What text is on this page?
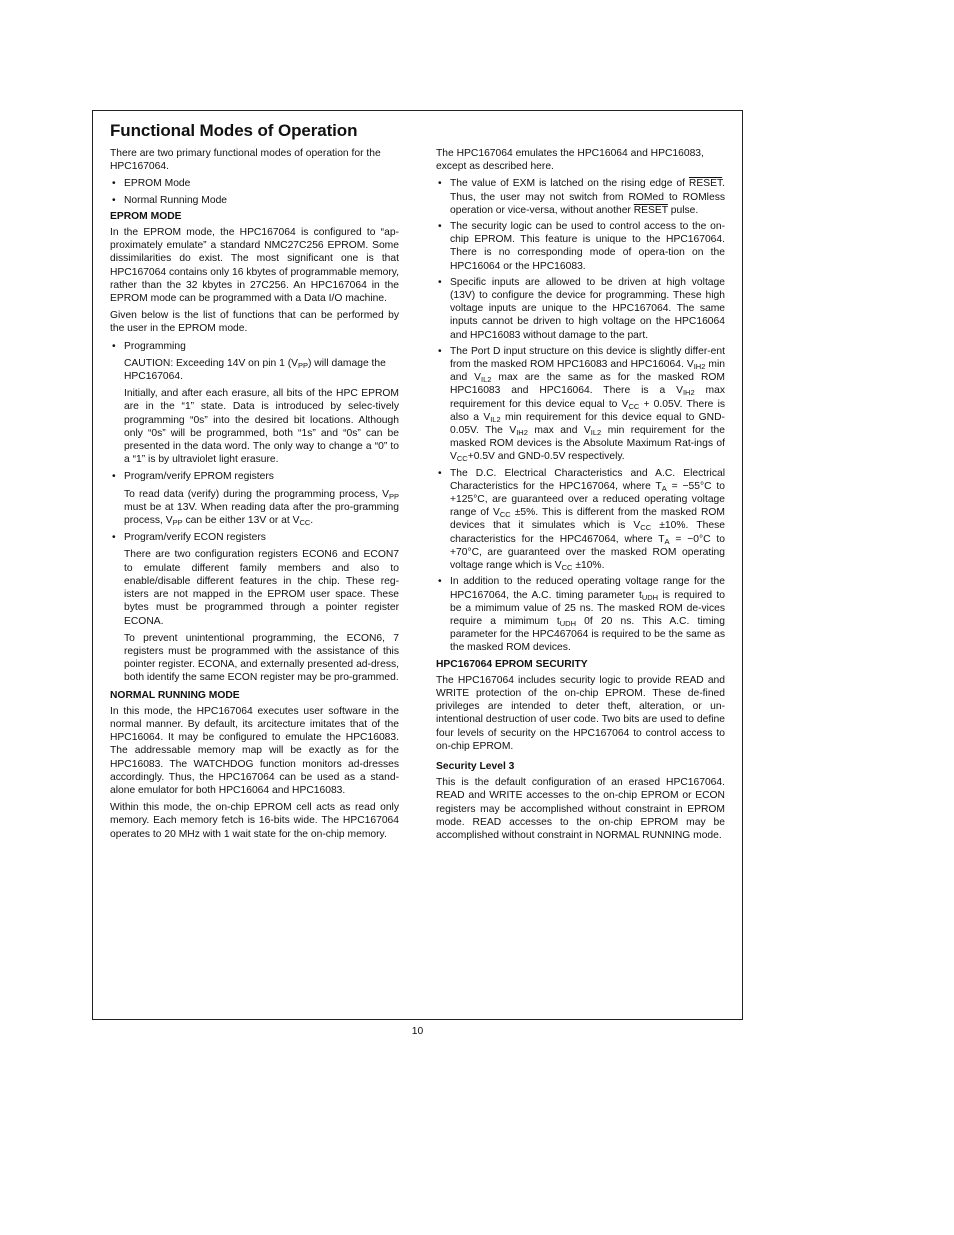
Functional Modes of Operation

There are two primary functional modes of operation for the HPC167064.

• EPROM Mode
• Normal Running Mode
EPROM MODE

In the EPROM mode, the HPC167064 is configured to “ap-proximately emulate” a standard NMC27C256 EPROM. Some dissimilarities do exist. The most significant one is that HPC167064 contains only 16 kbytes of programmable memory, rather than the 32 kbytes in 27C256. An HPC167064 in the EPROM mode can be programmed with a Data I/O machine.

Given below is the list of functions that can be performed by the user in the EPROM mode.

• Programming

CAUTION: Exceeding 14V on pin 1 $(V_{PP})$ will damage the HPC167064.

Initially, and after each erasure, all bits of the HPC EPROM are in the “1” state. Data is introduced by selec-tively programming “0s” into the desired bit locations. Although only “0s” will be programmed, both “1s” and “0s” can be presented in the data word. The only way to change a “0” to a “1” is by ultraviolet light erasure.

• Program/verify EPROM registers

To read data (verify) during the programming process, $V_{PP}$ must be at 13V. When reading data after the pro-gramming process, $V_{PP}$ can be either 13V or at $V_{CC}$.

• Program/verify ECON registers

There are two configuration registers ECON6 and ECON7 to emulate different family members and also to enable/disable different features in the chip. These reg-isters are not mapped in the EPROM user space. These bytes must be programmed through a pointer register ECONA.

To prevent unintentional programming, the ECON6, 7 registers must be programmed with the assistance of this pointer register. ECONA, and externally presented ad-dress, both identify the same ECON register may be pro-grammed.

NORMAL RUNNING MODE

In this mode, the HPC167064 executes user software in the normal manner. By default, its arcitecture imitates that of the HPC16064. It may be configured to emulate the HPC16083. The addressable memory map will be exactly as for the HPC16083. The WATCHDOG function monitors ad-dresses accordingly. Thus, the HPC167064 can be used as a stand-alone emulator for both HPC16064 and HPC16083.

Within this mode, the on-chip EPROM cell acts as read only memory. Each memory fetch is 16-bits wide. The HPC167064 operates to 20 MHz with 1 wait state for the on-chip memory.

The HPC167064 emulates the HPC16064 and HPC16083, except as described here.

• The value of EXM is latched on the rising edge of RESET. Thus, the user may not switch from ROMed to ROMless operation or vice-versa, without another RESET pulse.
• The security logic can be used to control access to the on-chip EPROM. This feature is unique to the HPC167064. There is no corresponding mode of opera-tion on the HPC16064 or the HPC16083.
• Specific inputs are allowed to be driven at high voltage (13V) to configure the device for programming. These high voltage inputs are unique to the HPC167064. The same inputs cannot be driven to high voltage on the HPC16064 and HPC16083 without damage to the part.
• The Port D input structure on this device is slightly differ-ent from the masked ROM HPC16083 and HPC16064. $V_{IH2}$ min and $V_{IL2}$ max are the same as for the masked ROM HPC16083 and HPC16064. There is a $V_{IH2}$ max requirement for this device equal to $V_{CC} + 0.05V$. There is also a $V_{IL2}$ min requirement for this device equal to GND-0.05V. The $V_{IH2}$ max and $V_{IL2}$ min requirement for the masked ROM devices is the Absolute Maximum Rat-ings of $V_{CC}+0.5V$ and GND-0.5V respectively.
• The D.C. Electrical Characteristics and A.C. Electrical Characteristics for the HPC167064, where $T_A = -55^\circ C$ to +125°C, are guaranteed over a reduced operating voltage range of $V_{CC} \pm 5\%$. This is different from the masked ROM devices that it simulates which is $V_{CC} \pm 10\%$. These characteristics for the HPC467064, where $T_A = -0^\circ C$ to +70°C, are guaranteed over the masked ROM operating voltage range which is $V_{CC} \pm 10\%$.
• In addition to the reduced operating voltage range for the HPC167064, the A.C. timing parameter $t_{UDH}$ is required to be a mimimum value of 25 ns. The masked ROM de-vices require a mimimum $t_{UDH}$ 0f 20 ns. This A.C. timing parameter for the HPC467064 is required to be the same as the masked ROM devices.
HPC167064 EPROM SECURITY

The HPC167064 includes security logic to provide READ and WRITE protection of the on-chip EPROM. These de-fined privileges are intended to deter theft, alteration, or un-intentional destruction of user code. Two bits are used to define four levels of security on the HPC167064 to control access to on-chip EPROM.

Security Level 3

This is the default configuration of an erased HPC167064. READ and WRITE accesses to the on-chip EPROM or ECON registers may be accomplished without constraint in EPROM mode. READ accesses to the on-chip EPROM may be accomplished without constraint in NORMAL RUNNING mode.

10
